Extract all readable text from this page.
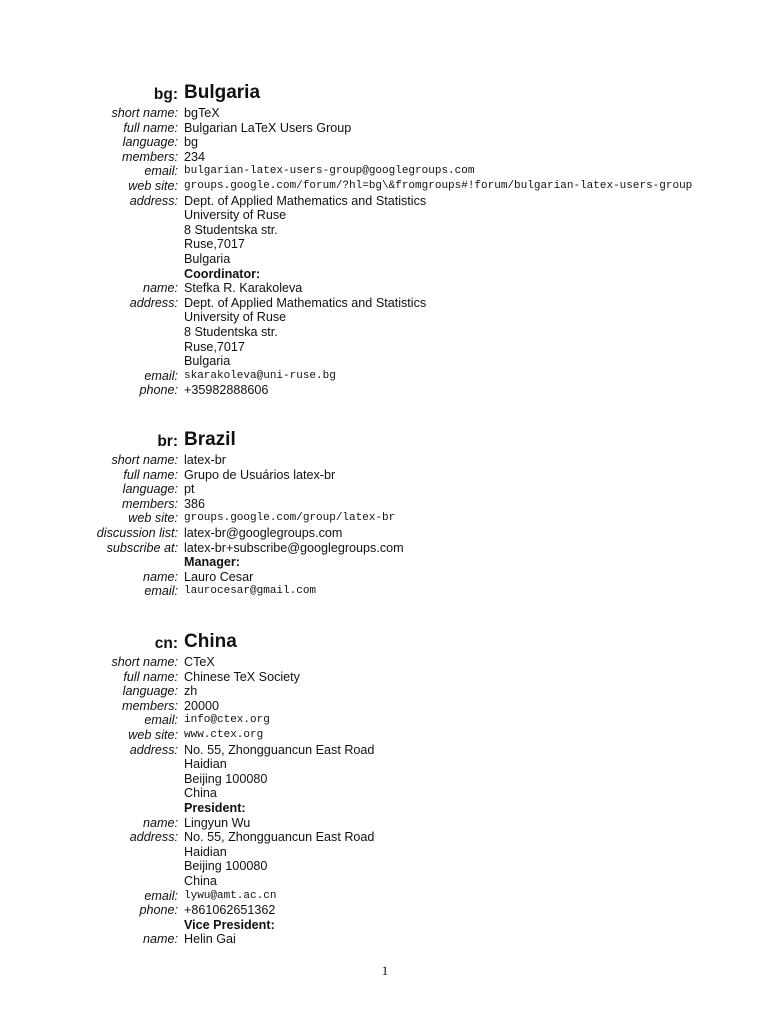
bg: Bulgaria
short name: bgTeX
full name: Bulgarian LaTeX Users Group
language: bg
members: 234
email: bulgarian-latex-users-group@googlegroups.com
web site: groups.google.com/forum/?hl=bg\&fromgroups#!forum/bulgarian-latex-users-group
address: Dept. of Applied Mathematics and Statistics
University of Ruse
8 Studentska str.
Ruse,7017
Bulgaria
Coordinator:
name: Stefka R. Karakoleva
address: Dept. of Applied Mathematics and Statistics
University of Ruse
8 Studentska str.
Ruse,7017
Bulgaria
email: skarakoleva@uni-ruse.bg
phone: +35982888606
br: Brazil
short name: latex-br
full name: Grupo de Usuários latex-br
language: pt
members: 386
web site: groups.google.com/group/latex-br
discussion list: latex-br@googlegroups.com
subscribe at: latex-br+subscribe@googlegroups.com
Manager:
name: Lauro Cesar
email: laurocesar@gmail.com
cn: China
short name: CTeX
full name: Chinese TeX Society
language: zh
members: 20000
email: info@ctex.org
web site: www.ctex.org
address: No. 55, Zhongguancun East Road
Haidian
Beijing 100080
China
President:
name: Lingyun Wu
address: No. 55, Zhongguancun East Road
Haidian
Beijing 100080
China
email: lywu@amt.ac.cn
phone: +861062651362
Vice President:
name: Helin Gai
1
